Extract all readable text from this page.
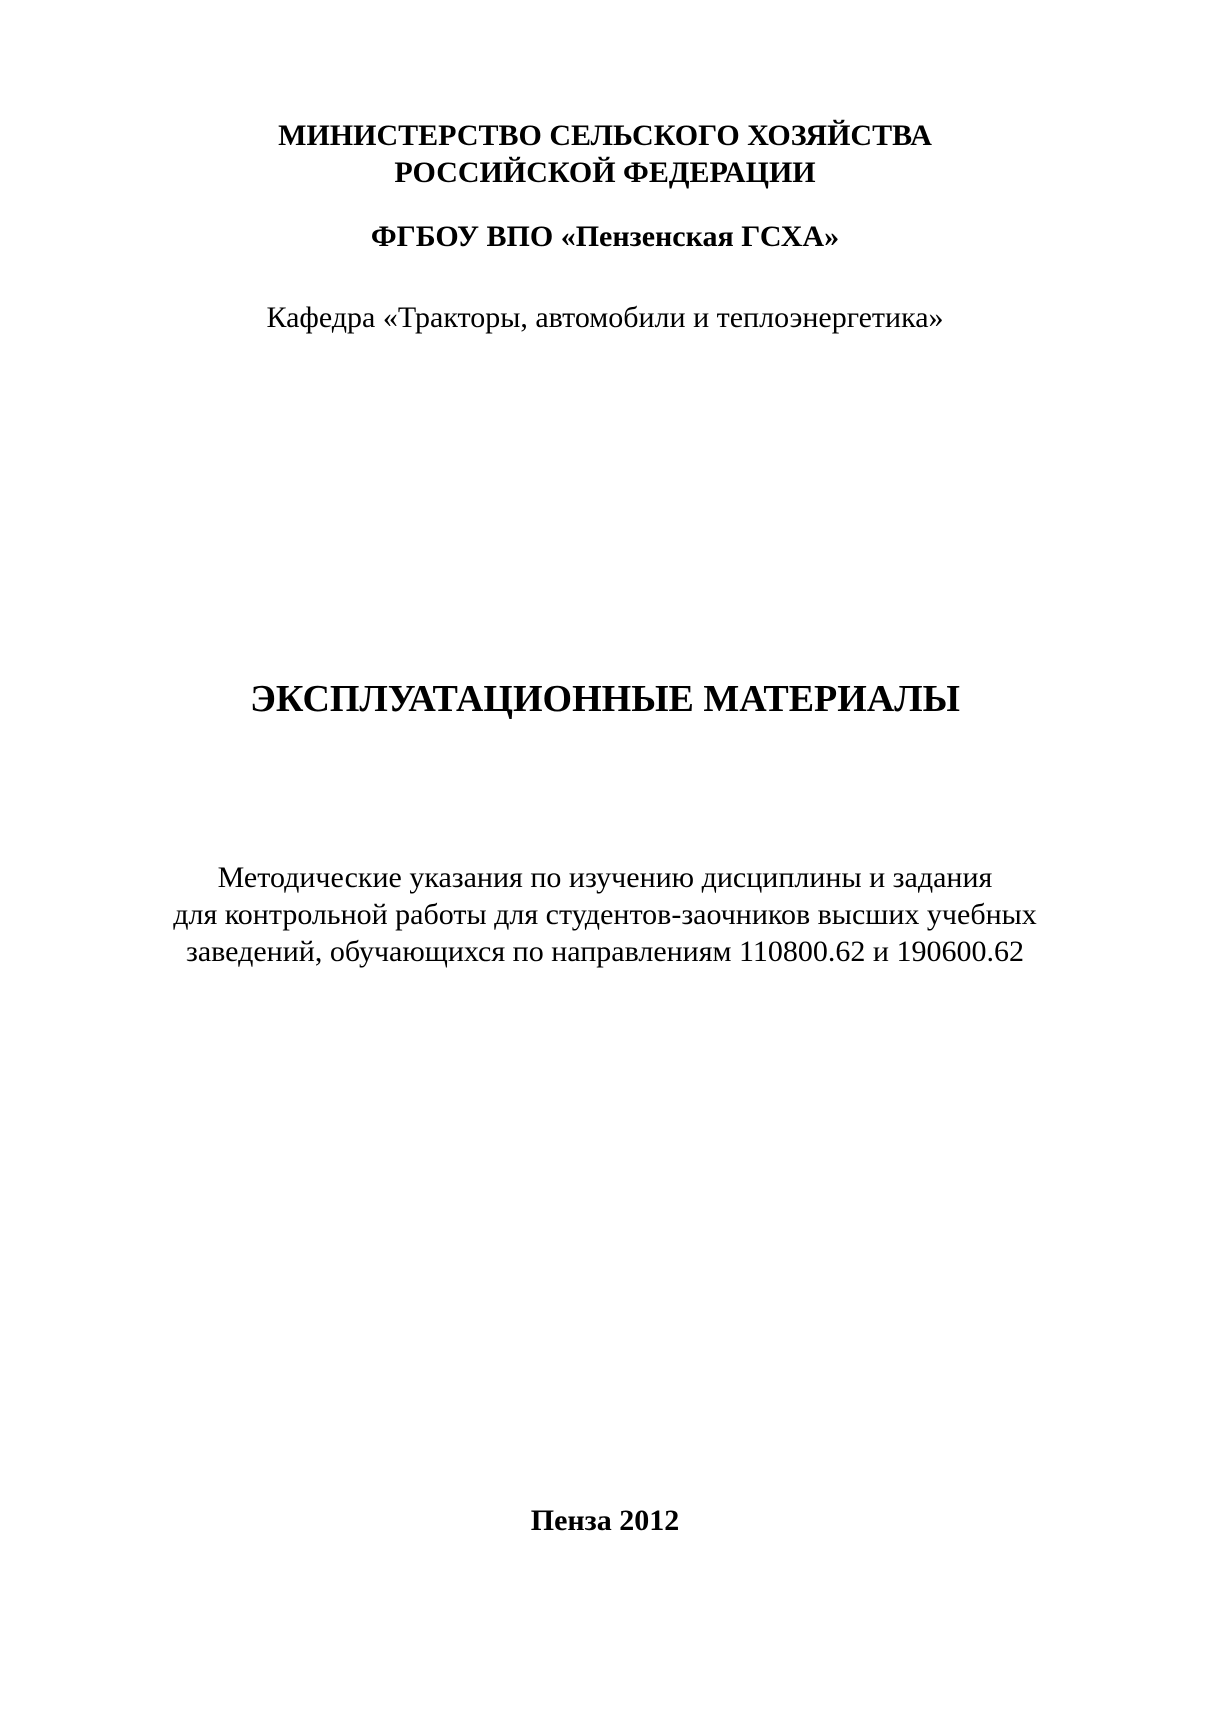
МИНИСТЕРСТВО СЕЛЬСКОГО ХОЗЯЙСТВА
РОССИЙСКОЙ ФЕДЕРАЦИИ
ФГБОУ ВПО «Пензенская ГСХА»
Кафедра «Тракторы, автомобили и теплоэнергетика»
ЭКСПЛУАТАЦИОННЫЕ МАТЕРИАЛЫ
Методические указания по изучению дисциплины и задания
для контрольной работы для студентов-заочников высших учебных
заведений, обучающихся по направлениям 110800.62 и 190600.62
Пенза 2012
